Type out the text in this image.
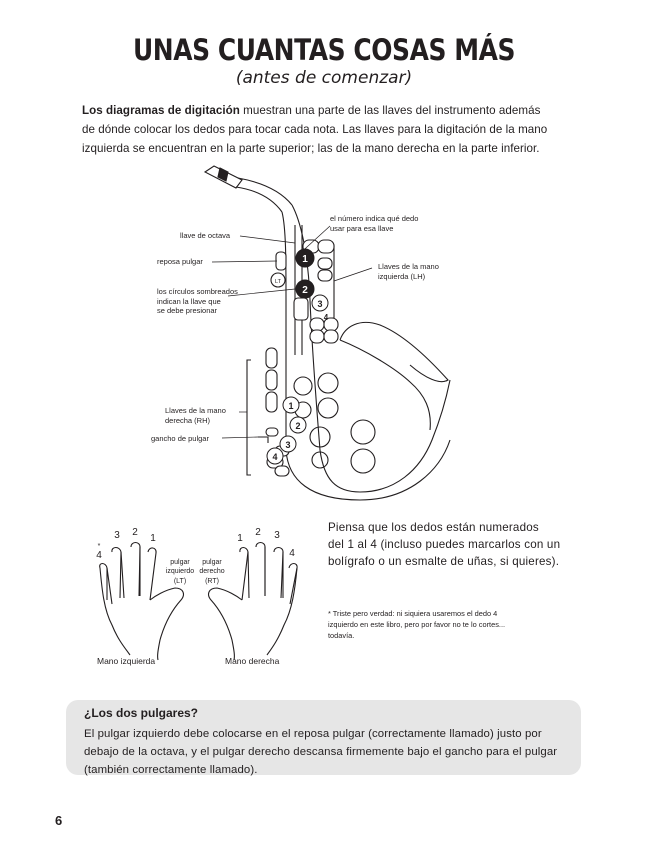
UNAS CUANTAS COSAS MÁS
(antes de comenzar)
Los diagramas de digitación muestran una parte de las llaves del instrumento además
de dónde colocar los dedos para tocar cada nota. Las llaves para la digitación de la mano
izquierda se encuentran en la parte superior; las de la mano derecha en la parte inferior.
1
2
3
4
LT
1
2
3
4
llave de octava
reposa pulgar
los círculos sombreados
indican la llave que
se debe presionar
el número indica qué dedo
usar para esa llave
Llaves de la mano
izquierda (LH)
Llaves de la mano
derecha (RH)
gancho de pulgar
3 2
1
4
*
1
2 3
4
pulgar
izquierdo
(LT)
pulgar
derecho
(RT)
Mano izquierda	Mano derecha
Piensa que los dedos están numerados
del 1 al 4 (incluso puedes marcarlos con un
bolígrafo o un esmalte de uñas, si quieres).
* Triste pero verdad: ni siquiera usaremos el dedo 4
izquierdo en este libro, pero por favor no te lo cortes...
todavía.
¿Los dos pulgares?
El pulgar izquierdo debe colocarse en el reposa pulgar (correctamente llamado) justo por
debajo de la octava, y el pulgar derecho descansa firmemente bajo el gancho para el pulgar
(también correctamente llamado).
6
